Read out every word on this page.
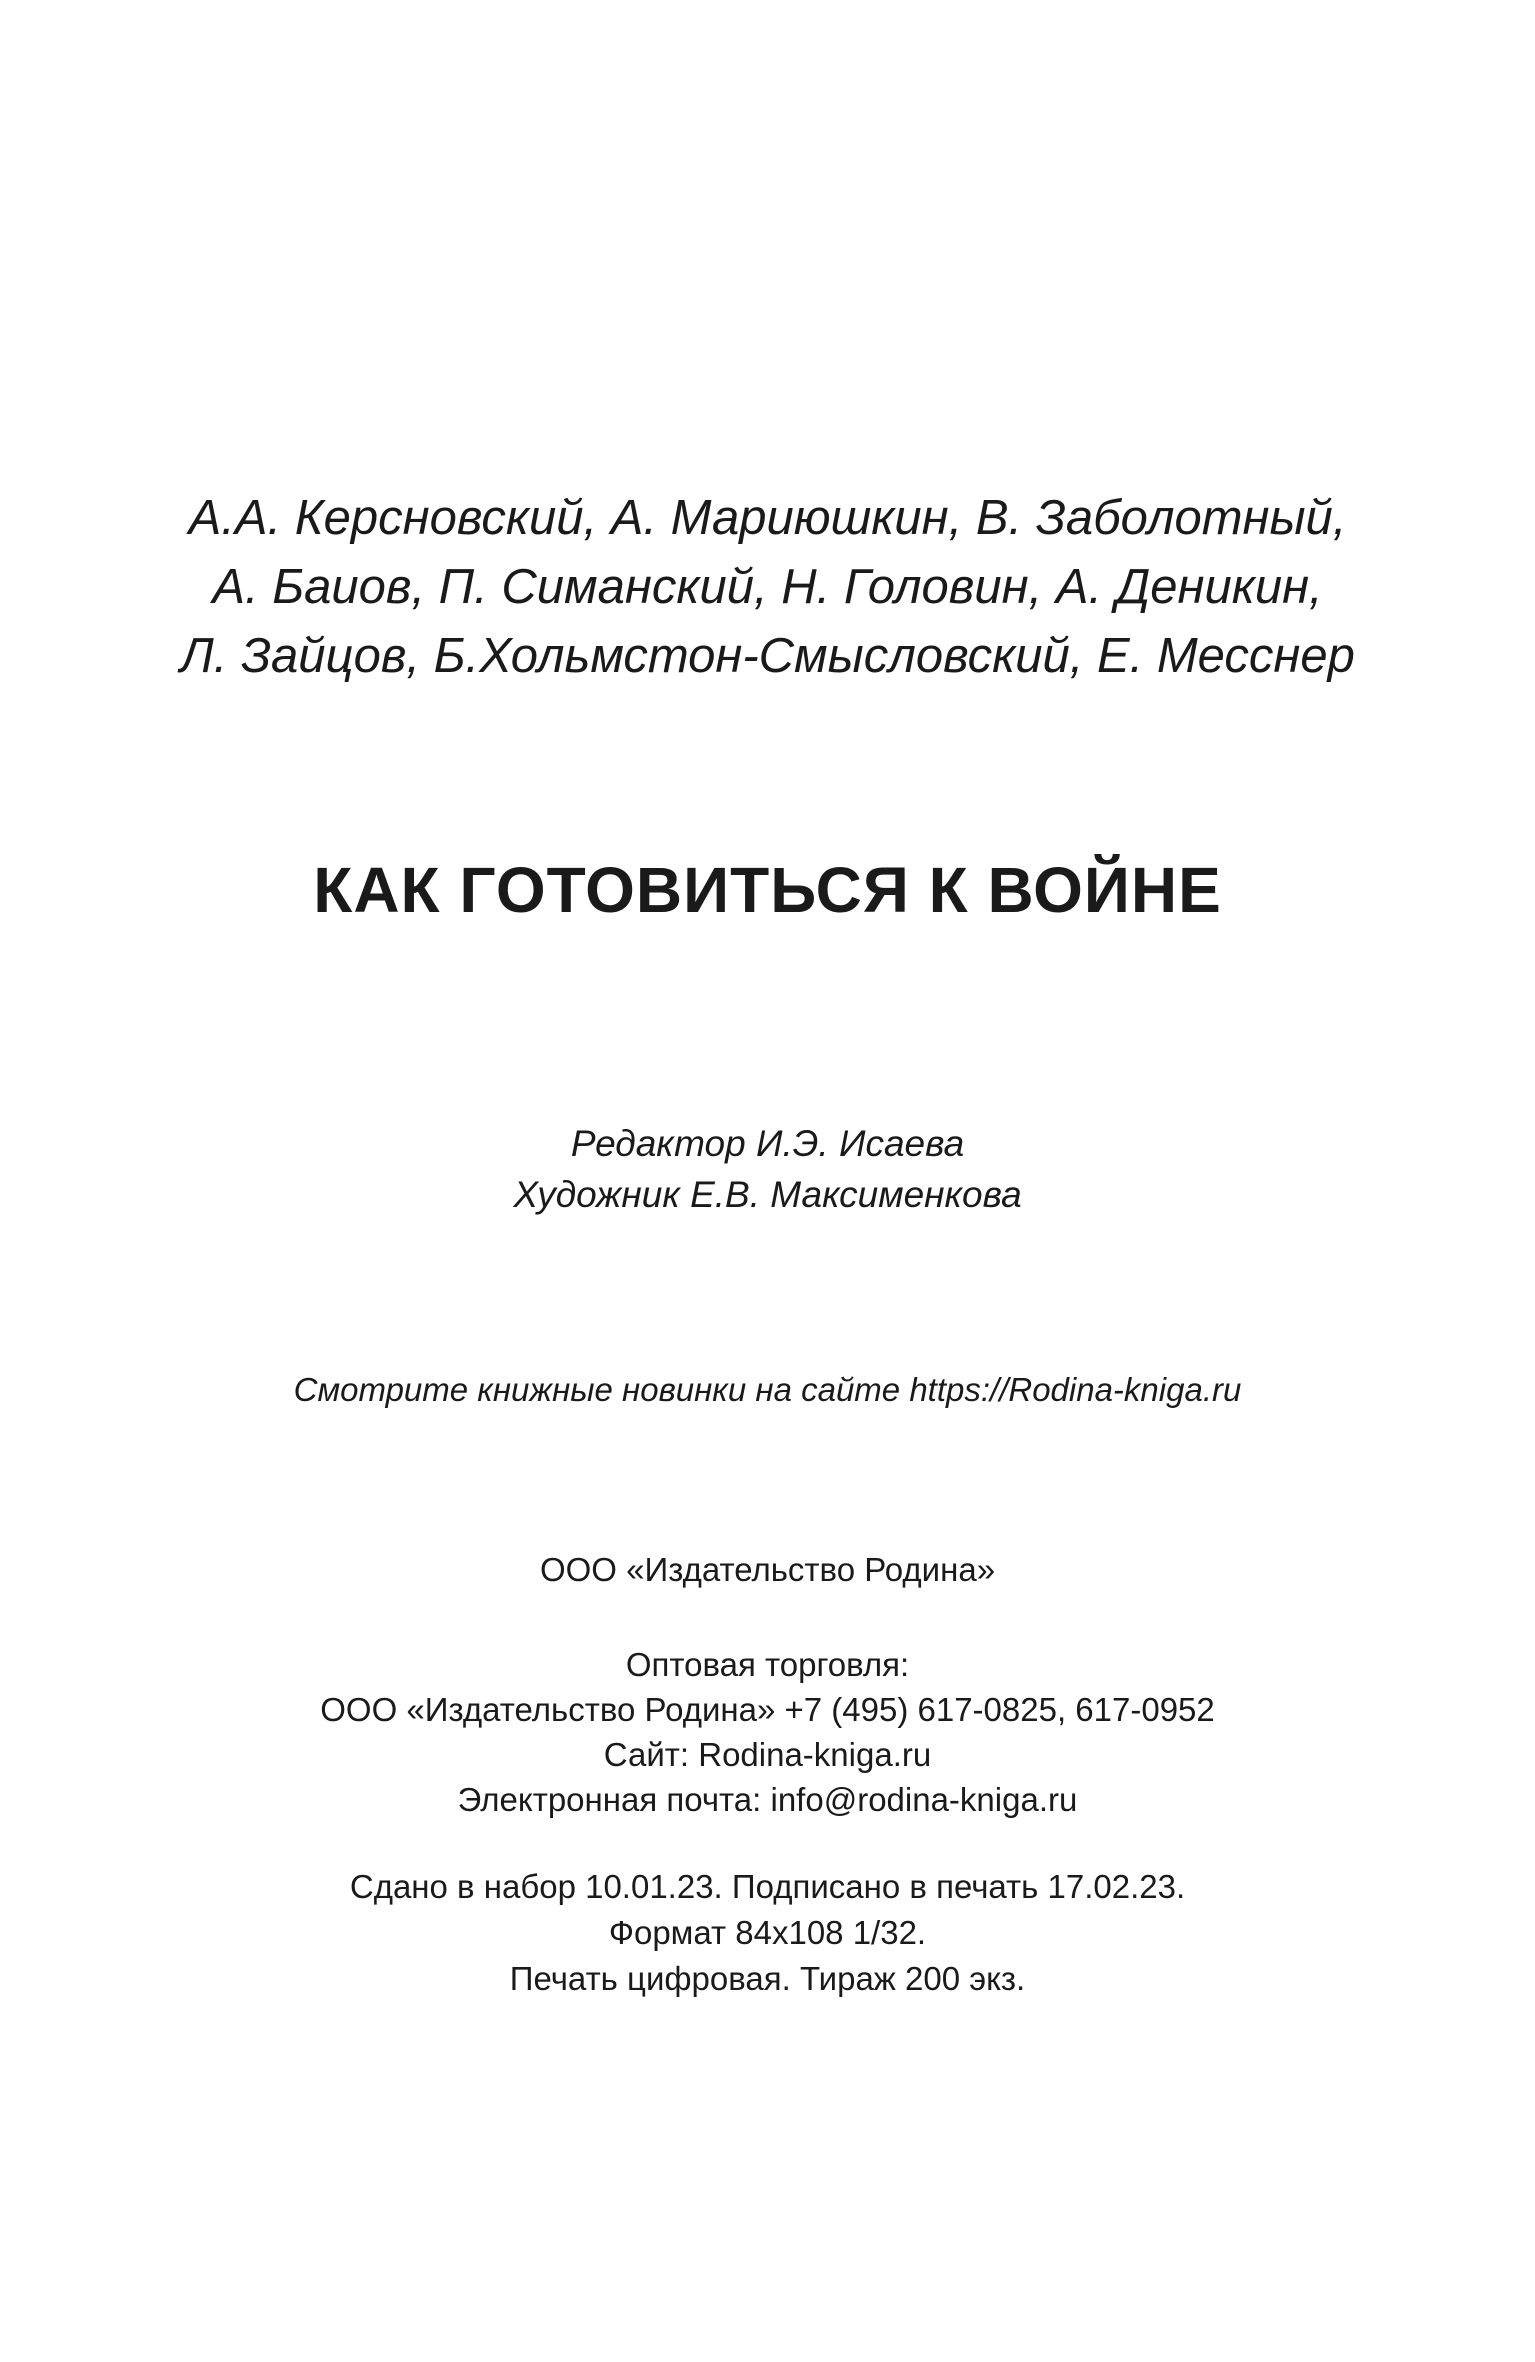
А.А. Керсновский, А. Мариюшкин, В. Заболотный,
А. Баиов, П. Симанский, Н. Головин, А. Деникин,
Л. Зайцов, Б.Хольмстон-Смысловский, Е. Месснер
КАК ГОТОВИТЬСЯ К ВОЙНЕ
Редактор И.Э. Исаева
Художник Е.В. Максименкова
Смотрите книжные новинки на сайте https://Rodina-kniga.ru
ООО «Издательство Родина»
Оптовая торговля:
ООО «Издательство Родина» +7 (495) 617-0825, 617-0952
Сайт: Rodina-kniga.ru
Электронная почта: info@rodina-kniga.ru
Сдано в набор 10.01.23. Подписано в печать 17.02.23.
Формат 84x108 1/32.
Печать цифровая. Тираж 200 экз.
